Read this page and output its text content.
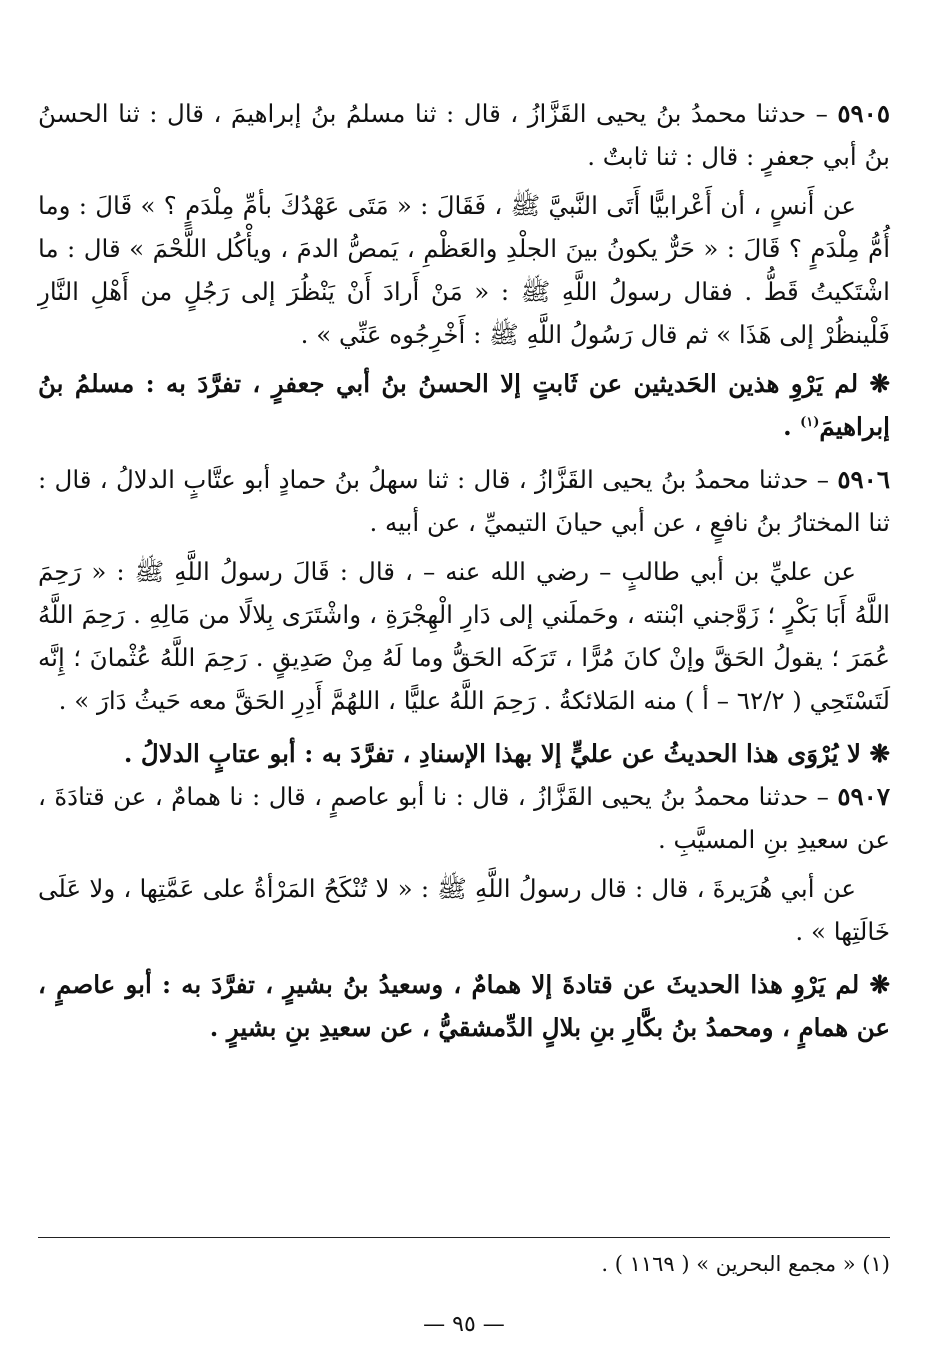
٥٩٠٥ – حدثنا محمدُ بنُ يحيى القَزَّازُ ، قال : ثنا مسلمُ بنُ إبراهيمَ ، قال : ثنا الحسنُ بنُ أبي جعفرٍ : قال : ثنا ثابتٌ .

عن أَنسٍ ، أن أَعْرابيًّا أَتَى النَّبيَّ ﷺ ، فَقَالَ : « مَتَى عَهْدُكَ بأمِّ مِلْدَمٍ ؟ » قَالَ : وما أُمُّ مِلْدَمٍ ؟ قَالَ : « حَرٌّ يكونُ بينَ الجلْدِ والعَظْمِ ، يَمصُّ الدمَ ، ويأْكُل اللَّحْمَ » قال : ما اشْتَكيتُ قَطُّ . فقال رسولُ اللَّهِ ﷺ : « مَنْ أَرادَ أَنْ يَنْظُرَ إلى رَجُلٍ من أَهْلِ النَّارِ فَلْينظُرْ إلى هَذَا » ثم قال رَسُولُ اللَّهِ ﷺ : أَخْرِجُوه عَنِّي » .

❋ لم يَرْوِ هذين الحَديثين عن ثَابتٍ إلا الحسنُ بنُ أبي جعفرٍ ، تفرَّدَ به : مسلمُ بنُ إبراهيمَ$^{(١)}$ .

٥٩٠٦ – حدثنا محمدُ بنُ يحيى القَزَّازُ ، قال : ثنا سهلُ بنُ حمادٍ أبو عتَّابٍ الدلالُ ، قال : ثنا المختارُ بنُ نافعٍ ، عن أبي حيانَ التيميِّ ، عن أبيه .

عن عليِّ بن أبي طالبٍ – رضي الله عنه – ، قال : قَالَ رسولُ اللَّهِ ﷺ : « رَحِمَ اللَّهُ أَبَا بَكْرٍ ؛ زَوَّجني ابْنته ، وحَملَني إلى دَارِ الْهِجْرَةِ ، واشْتَرَى بِلالًا من مَالِهِ . رَحِمَ اللَّهُ عُمَرَ ؛ يقولُ الحَقَّ وإنْ كانَ مُرًّا ، تَرَكَه الحَقُّ وما لَهُ مِنْ صَدِيقٍ . رَحِمَ اللَّهُ عُثْمانَ ؛ إِنَّه لَتَسْتَحِي ( ٦٢/٢ – أ ) منه المَلائكةُ . رَحِمَ اللَّهُ عليًّا ، اللهُمَّ أَدِرِ الحَقَّ معه حَيثُ دَارَ » .

❋ لا يُرْوَى هذا الحديثُ عن عليٍّ إلا بهذا الإسنادِ ، تفرَّدَ به : أبو عتابٍ الدلالُ .

٥٩٠٧ – حدثنا محمدُ بنُ يحيى القَزَّازُ ، قال : نا أبو عاصمٍ ، قال : نا همامٌ ، عن قتادَةَ ، عن سعيدِ بنِ المسيَّبِ .

عن أبي هُرَيرةَ ، قال : قال رسولُ اللَّهِ ﷺ : « لا تُنْكَحُ المَرْأةُ على عَمَّتِها ، ولا عَلَى خَالَتِها » .

❋ لم يَرْوِ هذا الحديثَ عن قتادةَ إلا همامٌ ، وسعيدُ بنُ بشيرٍ ، تفرَّدَ به : أبو عاصمٍ ، عن همامٍ ، ومحمدُ بنُ بكَّارِ بنِ بلالٍ الدِّمشقيُّ ، عن سعيدِ بنِ بشيرٍ .

(١) « مجمع البحرين » ( ١١٦٩ ) .
— ٩٥ —
